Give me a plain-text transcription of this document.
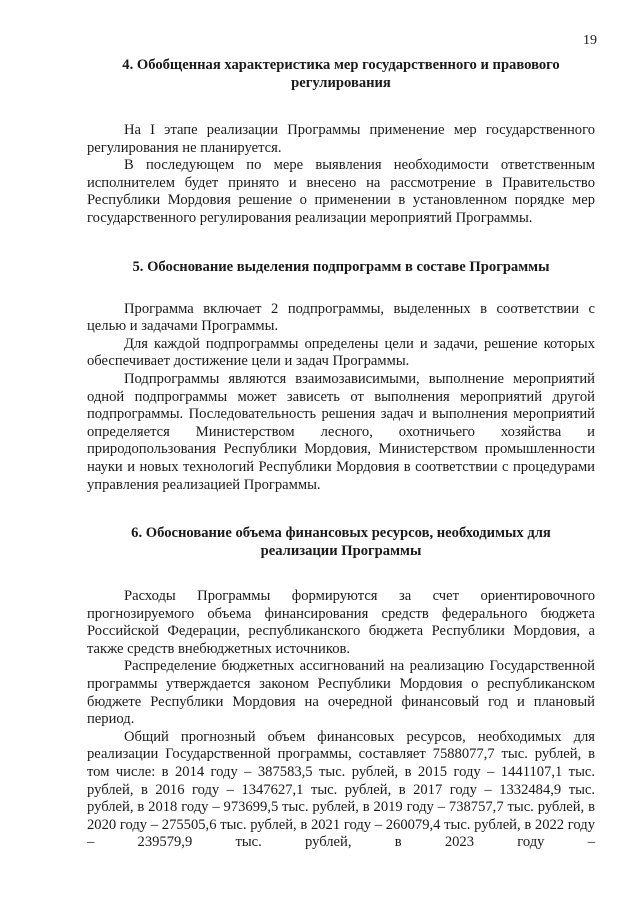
19
4. Обобщенная характеристика мер государственного и правового
регулирования

На I этапе реализации Программы применение мер государственного регулирования не планируется.

В последующем по мере выявления необходимости ответственным исполнителем будет принято и внесено на рассмотрение в Правительство Республики Мордовия решение о применении в установленном порядке мер государственного регулирования реализации мероприятий Программы.

5. Обоснование выделения подпрограмм в составе Программы

Программа включает 2 подпрограммы, выделенных в соответствии с целью и задачами Программы.

Для каждой подпрограммы определены цели и задачи, решение которых обеспечивает достижение цели и задач Программы.

Подпрограммы являются взаимозависимыми, выполнение мероприятий одной подпрограммы может зависеть от выполнения мероприятий другой подпрограммы. Последовательность решения задач и выполнения мероприятий определяется Министерством лесного, охотничьего хозяйства и природопользования Республики Мордовия, Министерством промышленности науки и новых технологий Республики Мордовия в соответствии с процедурами управления реализацией Программы.

6. Обоснование объема финансовых ресурсов, необходимых для
реализации Программы

Расходы Программы формируются за счет ориентировочного прогнозируемого объема финансирования средств федерального бюджета Российской Федерации, республиканского бюджета Республики Мордовия, а также средств внебюджетных источников.

Распределение бюджетных ассигнований на реализацию Государственной программы утверждается законом Республики Мордовия о республиканском бюджете Республики Мордовия на очередной финансовый год и плановый период.

Общий прогнозный объем финансовых ресурсов, необходимых для реализации Государственной программы, составляет 7588077,7 тыс. рублей, в том числе: в 2014 году – 387583,5 тыс. рублей, в 2015 году – 1441107,1 тыс. рублей, в 2016 году – 1347627,1 тыс. рублей, в 2017 году – 1332484,9 тыс. рублей, в 2018 году – 973699,5 тыс. рублей, в 2019 году – 738757,7 тыс. рублей, в 2020 году – 275505,6 тыс. рублей, в 2021 году – 260079,4 тыс. рублей, в 2022 году – 239579,9 тыс. рублей, в 2023 году –
